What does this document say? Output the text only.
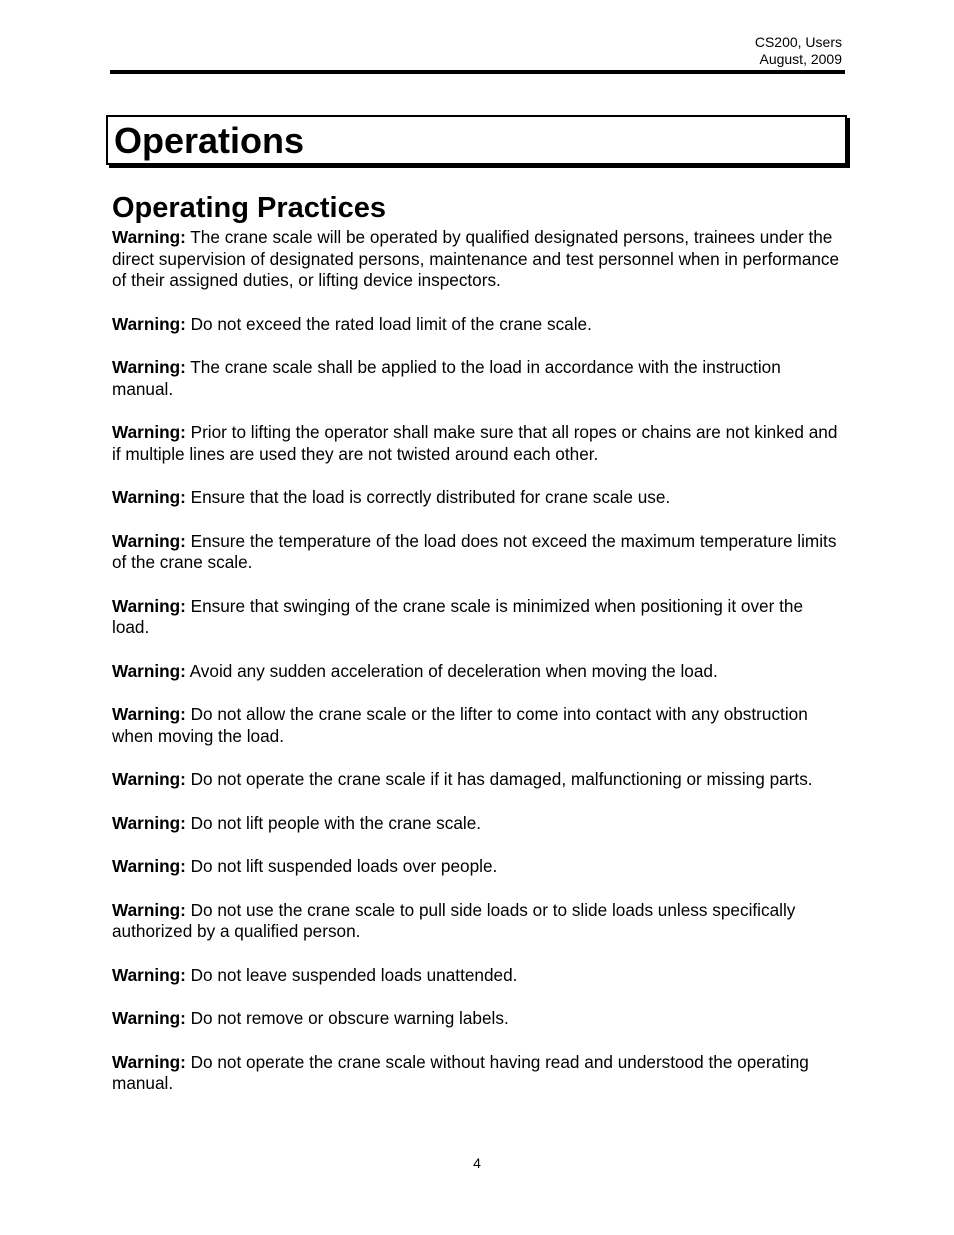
CS200, Users
August, 2009
Operations
Operating Practices

Warning: The crane scale will be operated by qualified designated persons, trainees under the direct supervision of designated persons, maintenance and test personnel when in performance of their assigned duties, or lifting device inspectors.

Warning: Do not exceed the rated load limit of the crane scale.

Warning: The crane scale shall be applied to the load in accordance with the instruction manual.

Warning: Prior to lifting the operator shall make sure that all ropes or chains are not kinked and if multiple lines are used they are not twisted around each other.

Warning: Ensure that the load is correctly distributed for crane scale use.

Warning: Ensure the temperature of the load does not exceed the maximum temperature limits of the crane scale.

Warning: Ensure that swinging of the crane scale is minimized when positioning it over the load.

Warning: Avoid any sudden acceleration of deceleration when moving the load.

Warning: Do not allow the crane scale or the lifter to come into contact with any obstruction when moving the load.

Warning: Do not operate the crane scale if it has damaged, malfunctioning or missing parts.

Warning: Do not lift people with the crane scale.

Warning: Do not lift suspended loads over people.

Warning: Do not use the crane scale to pull side loads or to slide loads unless specifically authorized by a qualified person.

Warning: Do not leave suspended loads unattended.

Warning: Do not remove or obscure warning labels.

Warning: Do not operate the crane scale without having read and understood the operating manual.

4
